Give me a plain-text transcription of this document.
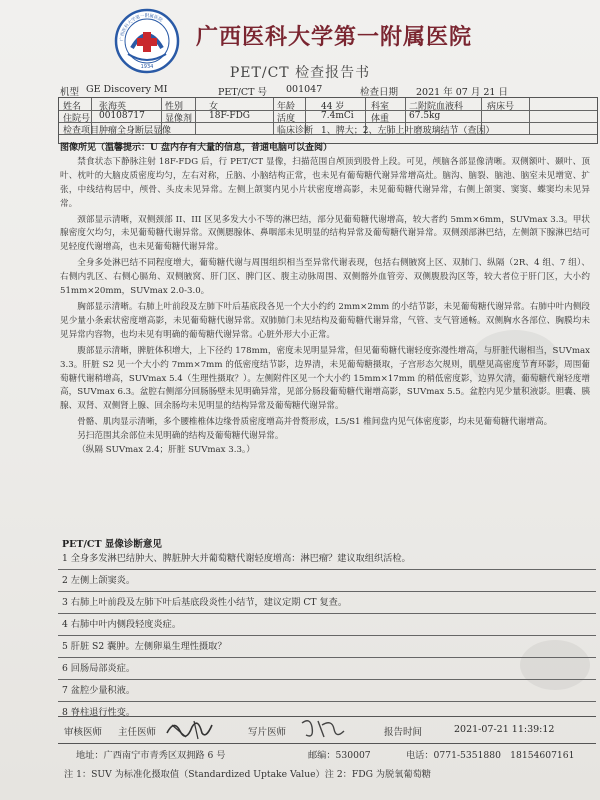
1934
广西医科大学第一附属医院
广西医科大学第一附属医院
PET/CT 检查报告书
机型 GE Discovery MI	PET/CT 号 001047	检查日期 2021 年 07 月 21 日
姓名 张海英	性别	女	年龄	44 岁	科室 二附院血液科	病床号
住院号 00108717 显像剂 18F-FDG	活度	7.4mCi 体重 67.5kg
检查项目 肿瘤全身断层显像	临床诊断 1、脾大；2、左肺上叶磨玻璃结节（查因）

图像所见（温馨提示：U 盘内存有大量的信息，普通电脑可以查阅）

禁食状态下静脉注射 18F-FDG 后，行 PET/CT 显像，扫描范围自颅顶到股骨上段。可见，颅脑各部显像清晰。双侧额叶、颞叶、顶叶、枕叶的大脑皮质密度均匀，左右对称，丘脑、小脑结构正常，也未见有葡萄糖代谢异常增高灶。脑沟、脑裂、脑池、脑室未见增宽、扩张，中线结构居中，颅骨、头皮未见异常。左侧上颌窦内见小片状密度增高影，未见葡萄糖代谢异常，右侧上颌窦、窦窦、蝶窦均未见异常。

颈部显示清晰，双侧颈部 II、III 区见多发大小不等的淋巴结，部分见葡萄糖代谢增高，较大者约 5mm×6mm，SUVmax 3.3。甲状腺密度欠均匀，未见葡萄糖代谢异常。双侧腮腺体、鼻咽部未见明显的结构异常及葡萄糖代谢异常。双侧颈部淋巴结，左侧颌下腺淋巴结可见轻度代谢增高，也未见葡萄糖代谢异常。

全身多处淋巴结不同程度增大，葡萄糖代谢与周围组织相当至异常代谢表现，包括右侧腋窝上区、双肺门、纵隔（2R、4 组、7 组）、右侧内乳区、右侧心膈角、双侧腋窝、肝门区、脾门区、腹主动脉周围、双侧髂外血管旁、双侧腹股沟区等，较大者位于肝门区，大小约 51mm×20mm，SUVmax 2.0-3.0。

胸部显示清晰。右肺上叶前段及左肺下叶后基底段各见一个大小约约 2mm×2mm 的小结节影，未见葡萄糖代谢异常。右肺中叶内侧段见少量小条索状密度增高影，未见葡萄糖代谢异常。双肺肺门未见结构及葡萄糖代谢异常，气管、支气管通畅。双侧胸水各部位、胸膜均未见异常内容物，也均未见有明确的葡萄糖代谢异常。心脏外形大小正常。

腹部显示清晰，脾脏体积增大，上下径约 178mm，密度未见明显异常，但见葡萄糖代谢轻度弥漫性增高，与肝脏代谢相当，SUVmax 3.3。肝脏 S2 见一个大小约 7mm×7mm 的低密度结节影，边界清，未见葡萄糖摄取，子宫形态欠规则，肌壁见高密度节育环影，周围葡萄糖代谢稍增高，SUVmax 5.4（生理性摄取？）。左侧附件区见一个大小约 15mm×17mm 的稍低密度影，边界欠清，葡萄糖代谢轻度增高，SUVmax 6.3。盆腔右侧部分回肠肠壁未见明确异常，见部分肠段葡萄糖代谢增高影，SUVmax 5.5。盆腔内见少量积液影。胆囊、胰腺、双肾、双侧肾上腺、回余肠均未见明显的结构异常及葡萄糖代谢异常。

骨骼、肌肉显示清晰，多个腰椎椎体边缘骨质密度增高并骨赘形成，L5/S1 椎间盘内见气体密度影，均未见葡萄糖代谢增高。

另扫范围其余部位未见明确的结构及葡萄糖代谢异常。

（纵隔 SUVmax 2.4；肝脏 SUVmax 3.3。）

PET/CT 显像诊断意见
1 全身多发淋巴结肿大、脾脏肿大并葡萄糖代谢轻度增高：淋巴瘤？建议取组织活检。
2 左侧上颌窦炎。
3 右肺上叶前段及左肺下叶后基底段炎性小结节，建议定期 CT 复查。
4 右肺中叶内侧段轻度炎症。
5 肝脏 S2 囊肿。左侧卵巢生理性摄取？
6 回肠局部炎症。
7 盆腔少量积液。
8 脊柱退行性变。
审核医师 主任医师	写片医师	报告时间	2021-07-21 11:39:12
地址：广西南宁市青秀区双拥路 6 号	邮编：530007	电话：0771-5351880　18154607161
注 1：SUV 为标准化摄取值（Standardized Uptake Value）注 2：FDG 为脱氧葡萄糖
